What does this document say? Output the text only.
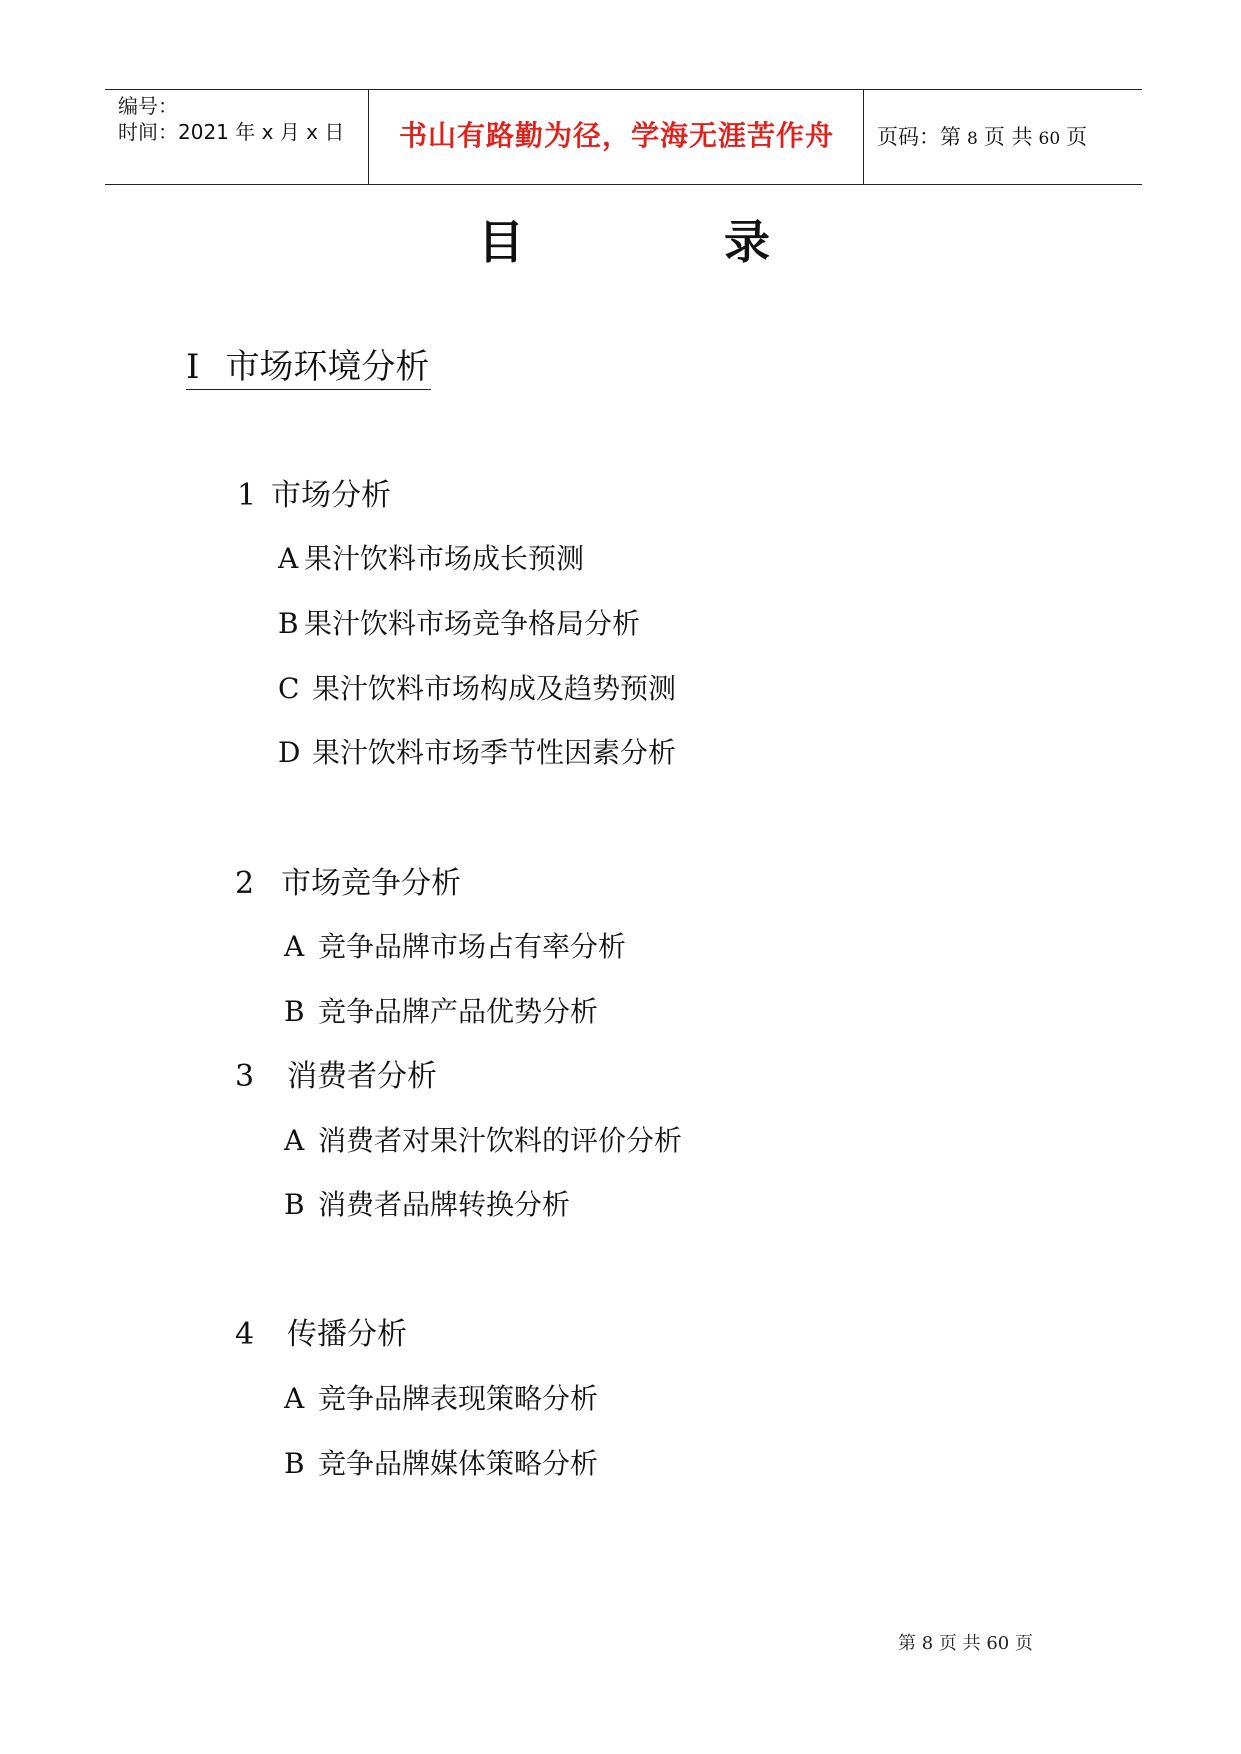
编号：
时间：2021 年 x 月 x 日	书山有路勤为径，学海无涯苦作舟	页码：第 8 页 共 60 页
目	录
Ⅰ 市场环境分析
1 市场分析
A 果汁饮料市场成长预测
B 果汁饮料市场竞争格局分析
C 果汁饮料市场构成及趋势预测
D 果汁饮料市场季节性因素分析
2 市场竞争分析
A 竞争品牌市场占有率分析
B 竞争品牌产品优势分析
3 消费者分析
A 消费者对果汁饮料的评价分析
B 消费者品牌转换分析
4 传播分析
A 竞争品牌表现策略分析
B 竞争品牌媒体策略分析
第 8 页 共 60 页
